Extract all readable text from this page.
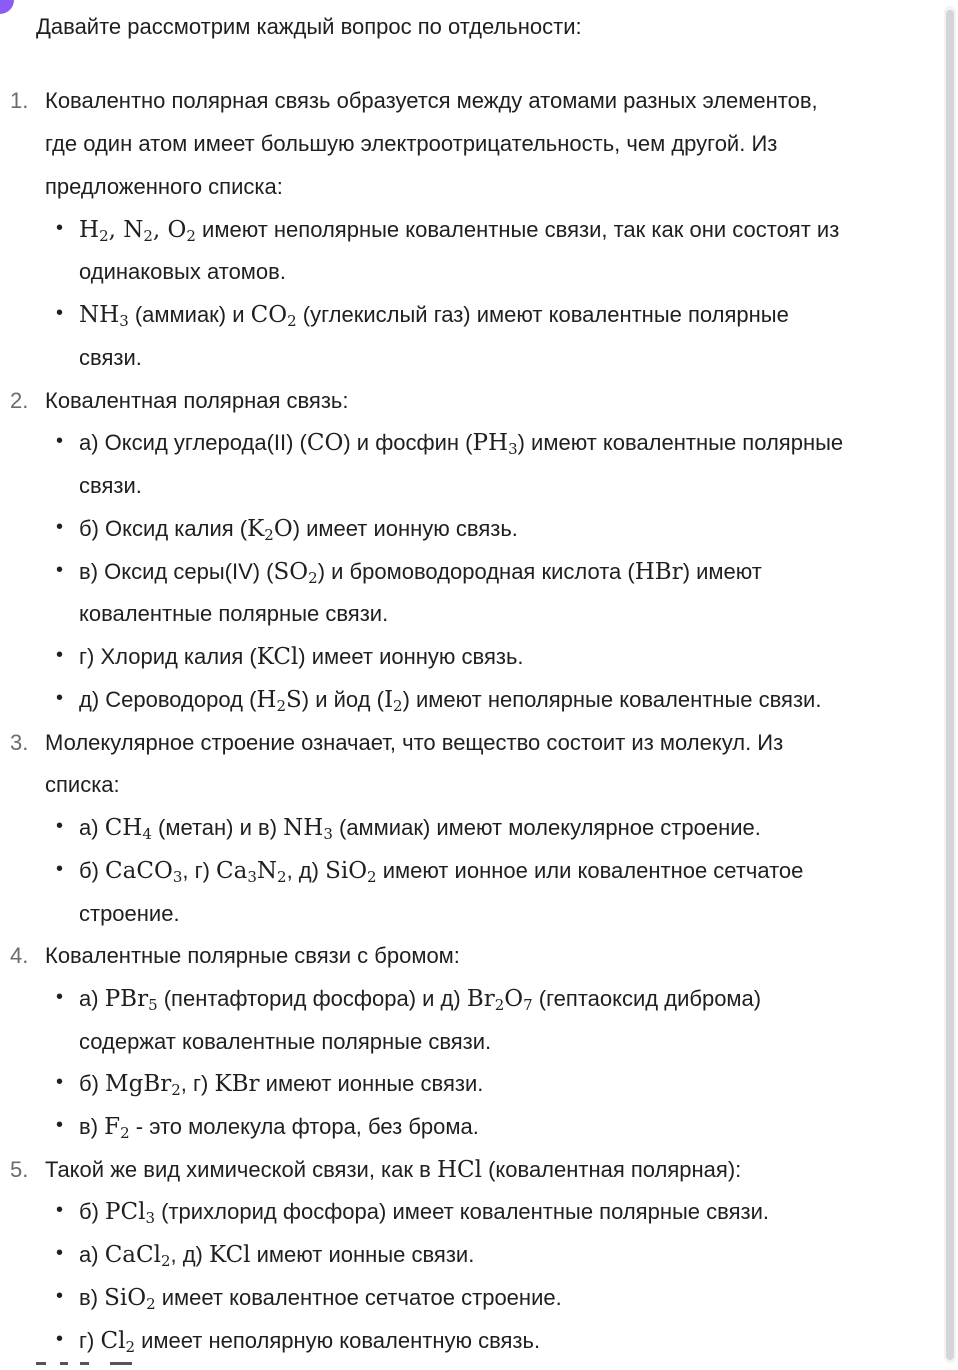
Давайте рассмотрим каждый вопрос по отдельности:

1. Ковалентно полярная связь образуется между атомами разных элементов,

где один атом имеет большую электроотрицательность, чем другой. Из

предложенного списка:

• $H_2$, $N_2$, $O_2$ имеют неполярные ковалентные связи, так как они состоят из

одинаковых атомов.

• $NH_3$ (аммиак) и $CO_2$ (углекислый газ) имеют ковалентные полярные

связи.

2. Ковалентная полярная связь:

• а) Оксид углерода(II) (CO) и фосфин $(PH_3)$ имеют ковалентные полярные

связи.

• б) Оксид калия $(K_2O)$ имеет ионную связь.

• в) Оксид серы(IV) $(SO_2)$ и бромоводородная кислота (HBr) имеют

ковалентные полярные связи.

• г) Хлорид калия (KCl) имеет ионную связь.

• д) Сероводород $(H_2S)$ и йод $(I_2)$ имеют неполярные ковалентные связи.

3. Молекулярное строение означает, что вещество состоит из молекул. Из

списка:

• а) $CH_4$ (метан) и в) $NH_3$ (аммиак) имеют молекулярное строение.

• б) CaCO$_3$, г) $Ca_3N_2$, д) SiO$_2$ имеют ионное или ковалентное сетчатое

строение.

4. Ковалентные полярные связи с бромом:

• а) PBr$_5$ (пентафторид фосфора) и д) $Br_2O_7$ (гептаоксид диброма)

содержат ковалентные полярные связи.

• б) MgBr$_2$, г) KBr имеют ионные связи.

• в) $F_2$ - это молекула фтора, без брома.

5. Такой же вид химической связи, как в HCl (ковалентная полярная):

• б) PCl$_3$ (трихлорид фосфора) имеет ковалентные полярные связи.

• а) CaCl$_2$, д) KCl имеют ионные связи.

• в) SiO$_2$ имеет ковалентное сетчатое строение.

• г) $Cl_2$ имеет неполярную ковалентную связь.
